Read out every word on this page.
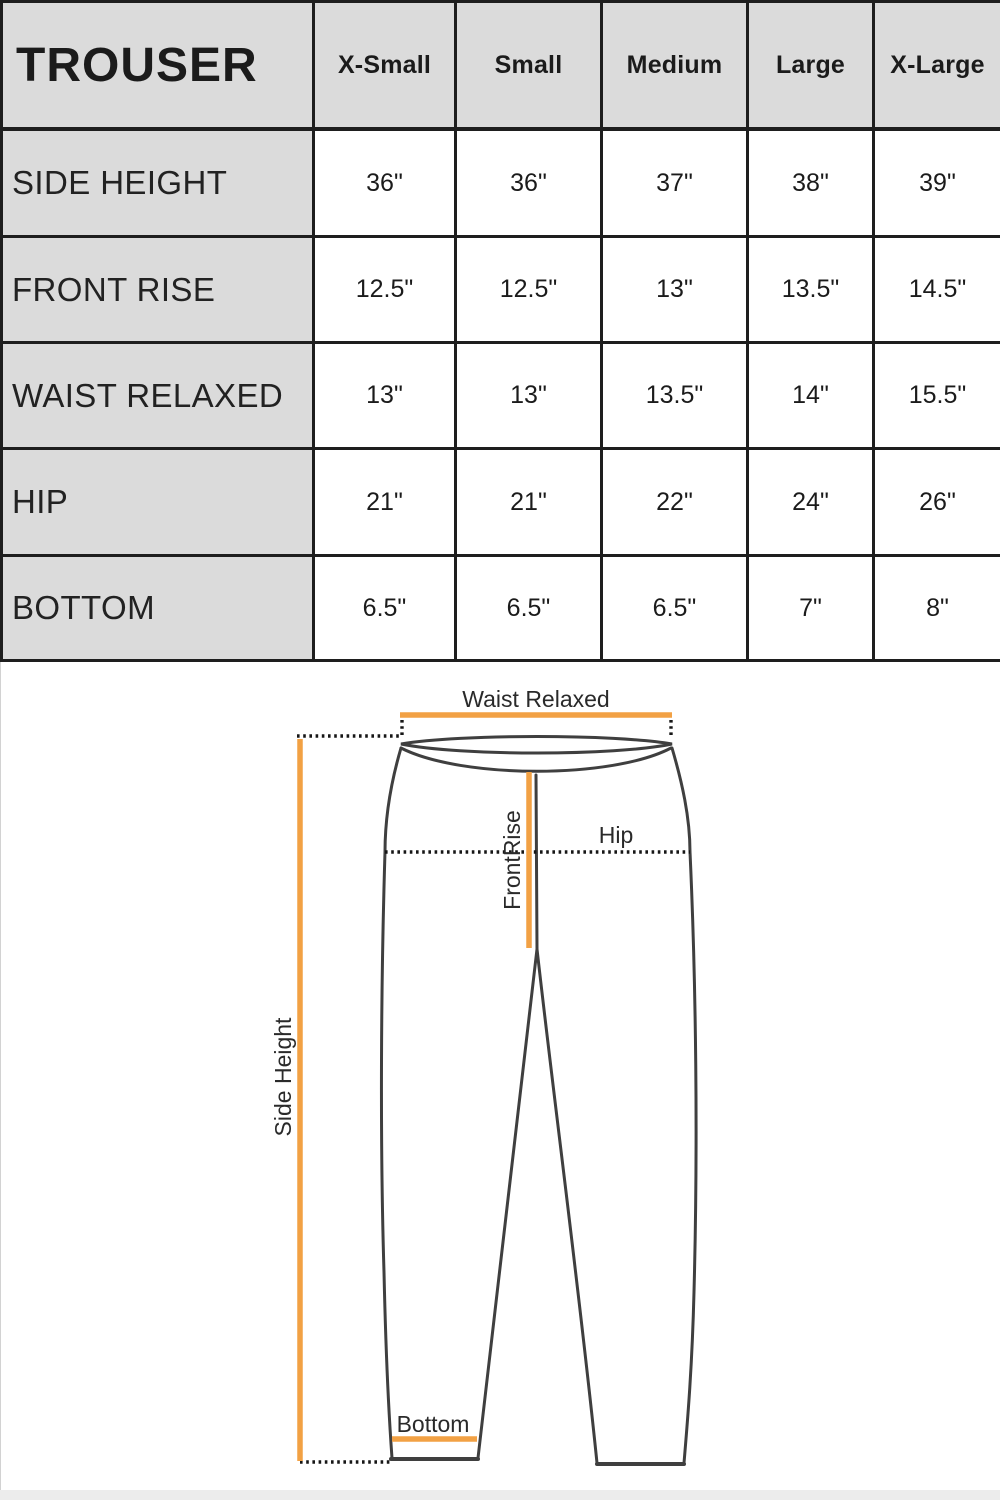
TROUSER	X-Small	Small	Medium	Large	X-Large
SIDE HEIGHT	36"	36"	37"	38"	39"
FRONT RISE	12.5"	12.5"	13"	13.5"	14.5"
WAIST RELAXED	13"	13"	13.5"	14"	15.5"
HIP	21"	21"	22"	24"	26"
BOTTOM	6.5"	6.5"	6.5"	7"	8"
Waist Relaxed
Hip
Bottom
FrontRise
Side Height
